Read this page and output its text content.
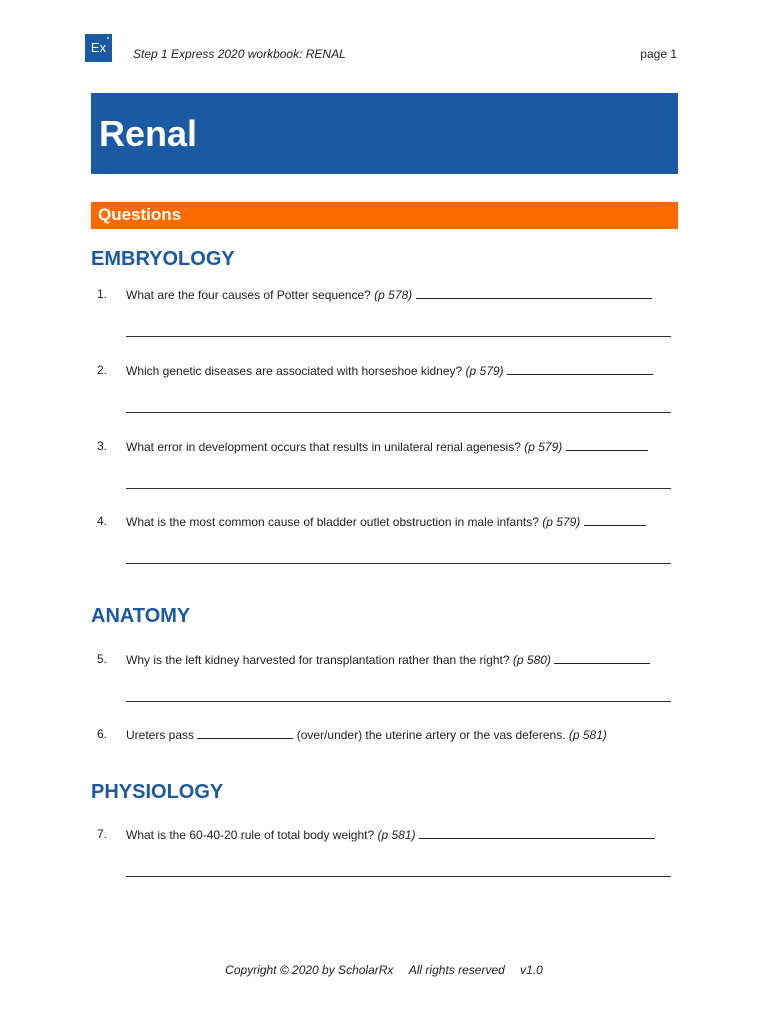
Ex	Step 1 Express 2020 workbook: RENAL	page 1
Renal
Questions
EMBRYOLOGY
1. What are the four causes of Potter sequence? (p 578)
2. Which genetic diseases are associated with horseshoe kidney? (p 579)
3. What error in development occurs that results in unilateral renal agenesis? (p 579)
4. What is the most common cause of bladder outlet obstruction in male infants? (p 579)
ANATOMY
5. Why is the left kidney harvested for transplantation rather than the right? (p 580)
6. Ureters pass	(over/under) the uterine artery or the vas deferens. (p 581)
PHYSIOLOGY
7. What is the 60-40-20 rule of total body weight? (p 581)
Copyright © 2020 by ScholarRx All rights reserved v1.0
